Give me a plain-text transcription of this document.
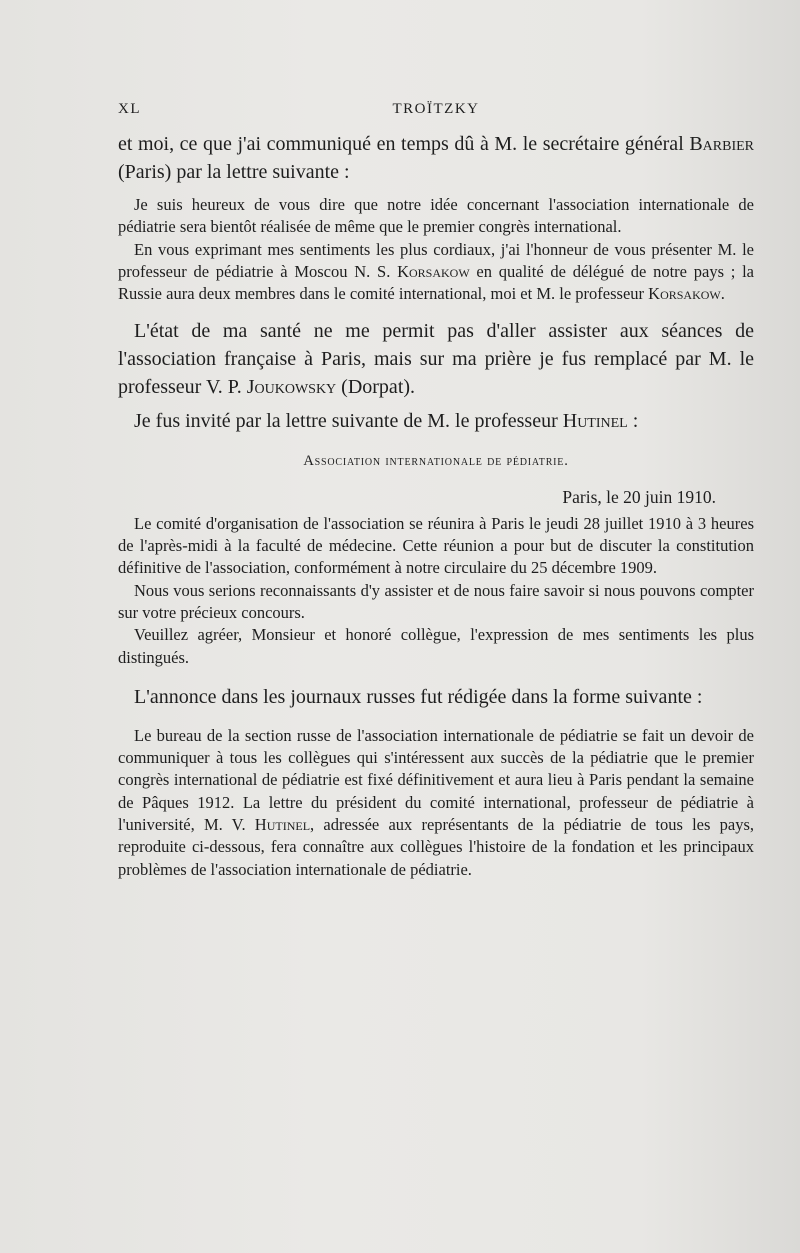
XL	TROÏTZKY

et moi, ce que j'ai communiqué en temps dû à M. le secrétaire général Barbier (Paris) par la lettre suivante :

Je suis heureux de vous dire que notre idée concernant l'association internationale de pédiatrie sera bientôt réalisée de même que le premier congrès international.

En vous exprimant mes sentiments les plus cordiaux, j'ai l'honneur de vous présenter M. le professeur de pédiatrie à Moscou N. S. Korsakow en qualité de délégué de notre pays ; la Russie aura deux membres dans le comité international, moi et M. le professeur Korsakow.

L'état de ma santé ne me permit pas d'aller assister aux séances de l'association française à Paris, mais sur ma prière je fus remplacé par M. le professeur V. P. Joukowsky (Dorpat).

Je fus invité par la lettre suivante de M. le professeur Hutinel :

Association internationale de pédiatrie.

Paris, le 20 juin 1910.

Le comité d'organisation de l'association se réunira à Paris le jeudi 28 juillet 1910 à 3 heures de l'après-midi à la faculté de médecine. Cette réunion a pour but de discuter la constitution définitive de l'association, conformément à notre circulaire du 25 décembre 1909.

Nous vous serions reconnaissants d'y assister et de nous faire savoir si nous pouvons compter sur votre précieux concours.

Veuillez agréer, Monsieur et honoré collègue, l'expression de mes sentiments les plus distingués.

L'annonce dans les journaux russes fut rédigée dans la forme suivante :

Le bureau de la section russe de l'association internationale de pédiatrie se fait un devoir de communiquer à tous les collègues qui s'intéressent aux succès de la pédiatrie que le premier congrès international de pédiatrie est fixé définitivement et aura lieu à Paris pendant la semaine de Pâques 1912. La lettre du président du comité international, professeur de pédiatrie à l'université, M. V. Hutinel, adressée aux représentants de la pédiatrie de tous les pays, reproduite ci-dessous, fera connaître aux collègues l'histoire de la fondation et les principaux problèmes de l'association internationale de pédiatrie.
